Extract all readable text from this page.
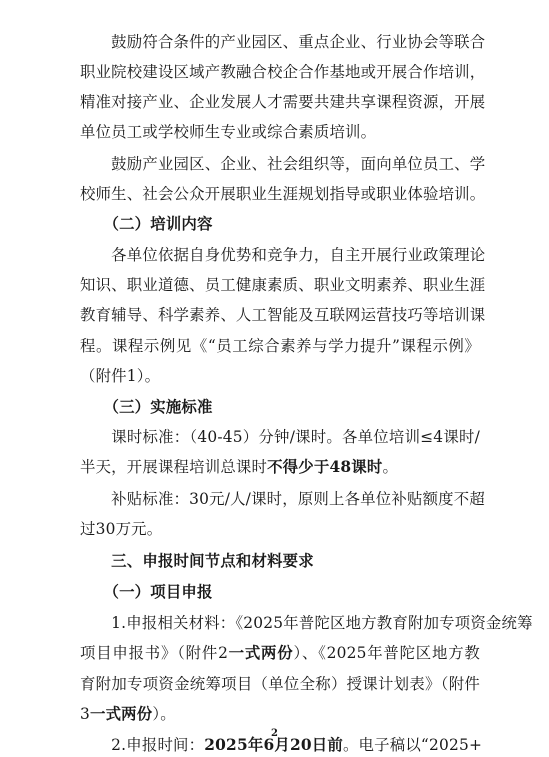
　　鼓励符合条件的产业园区、重点企业、行业协会等联合
职业院校建设区域产教融合校企合作基地或开展合作培训，
精准对接产业、企业发展人才需要共建共享课程资源，开展
单位员工或学校师生专业或综合素质培训。
　　鼓励产业园区、企业、社会组织等，面向单位员工、学
校师生、社会公众开展职业生涯规划指导或职业体验培训。
　　（二）培训内容
　　各单位依据自身优势和竞争力，自主开展行业政策理论
知识、职业道德、员工健康素质、职业文明素养、职业生涯
教育辅导、科学素养、人工智能及互联网运营技巧等培训课
程。课程示例见《“员工综合素养与学力提升”课程示例》
（附件1）。
　　（三）实施标准
　　课时标准：（40-45）分钟/课时。各单位培训≤4课时/
半天，开展课程培训总课时不得少于48课时。
　　补贴标准：30元/人/课时，原则上各单位补贴额度不超
过30万元。
　　三、申报时间节点和材料要求
　　（一）项目申报
　　1.申报相关材料：《2025年普陀区地方教育附加专项资金统筹
项目申报书》（附件2一式两份）、《2025年普陀区地方教
育附加专项资金统筹项目（单位全称）授课计划表》（附件
3一式两份）。
　　2.申报时间：2025年6月20日前。电子稿以“2025+
2
